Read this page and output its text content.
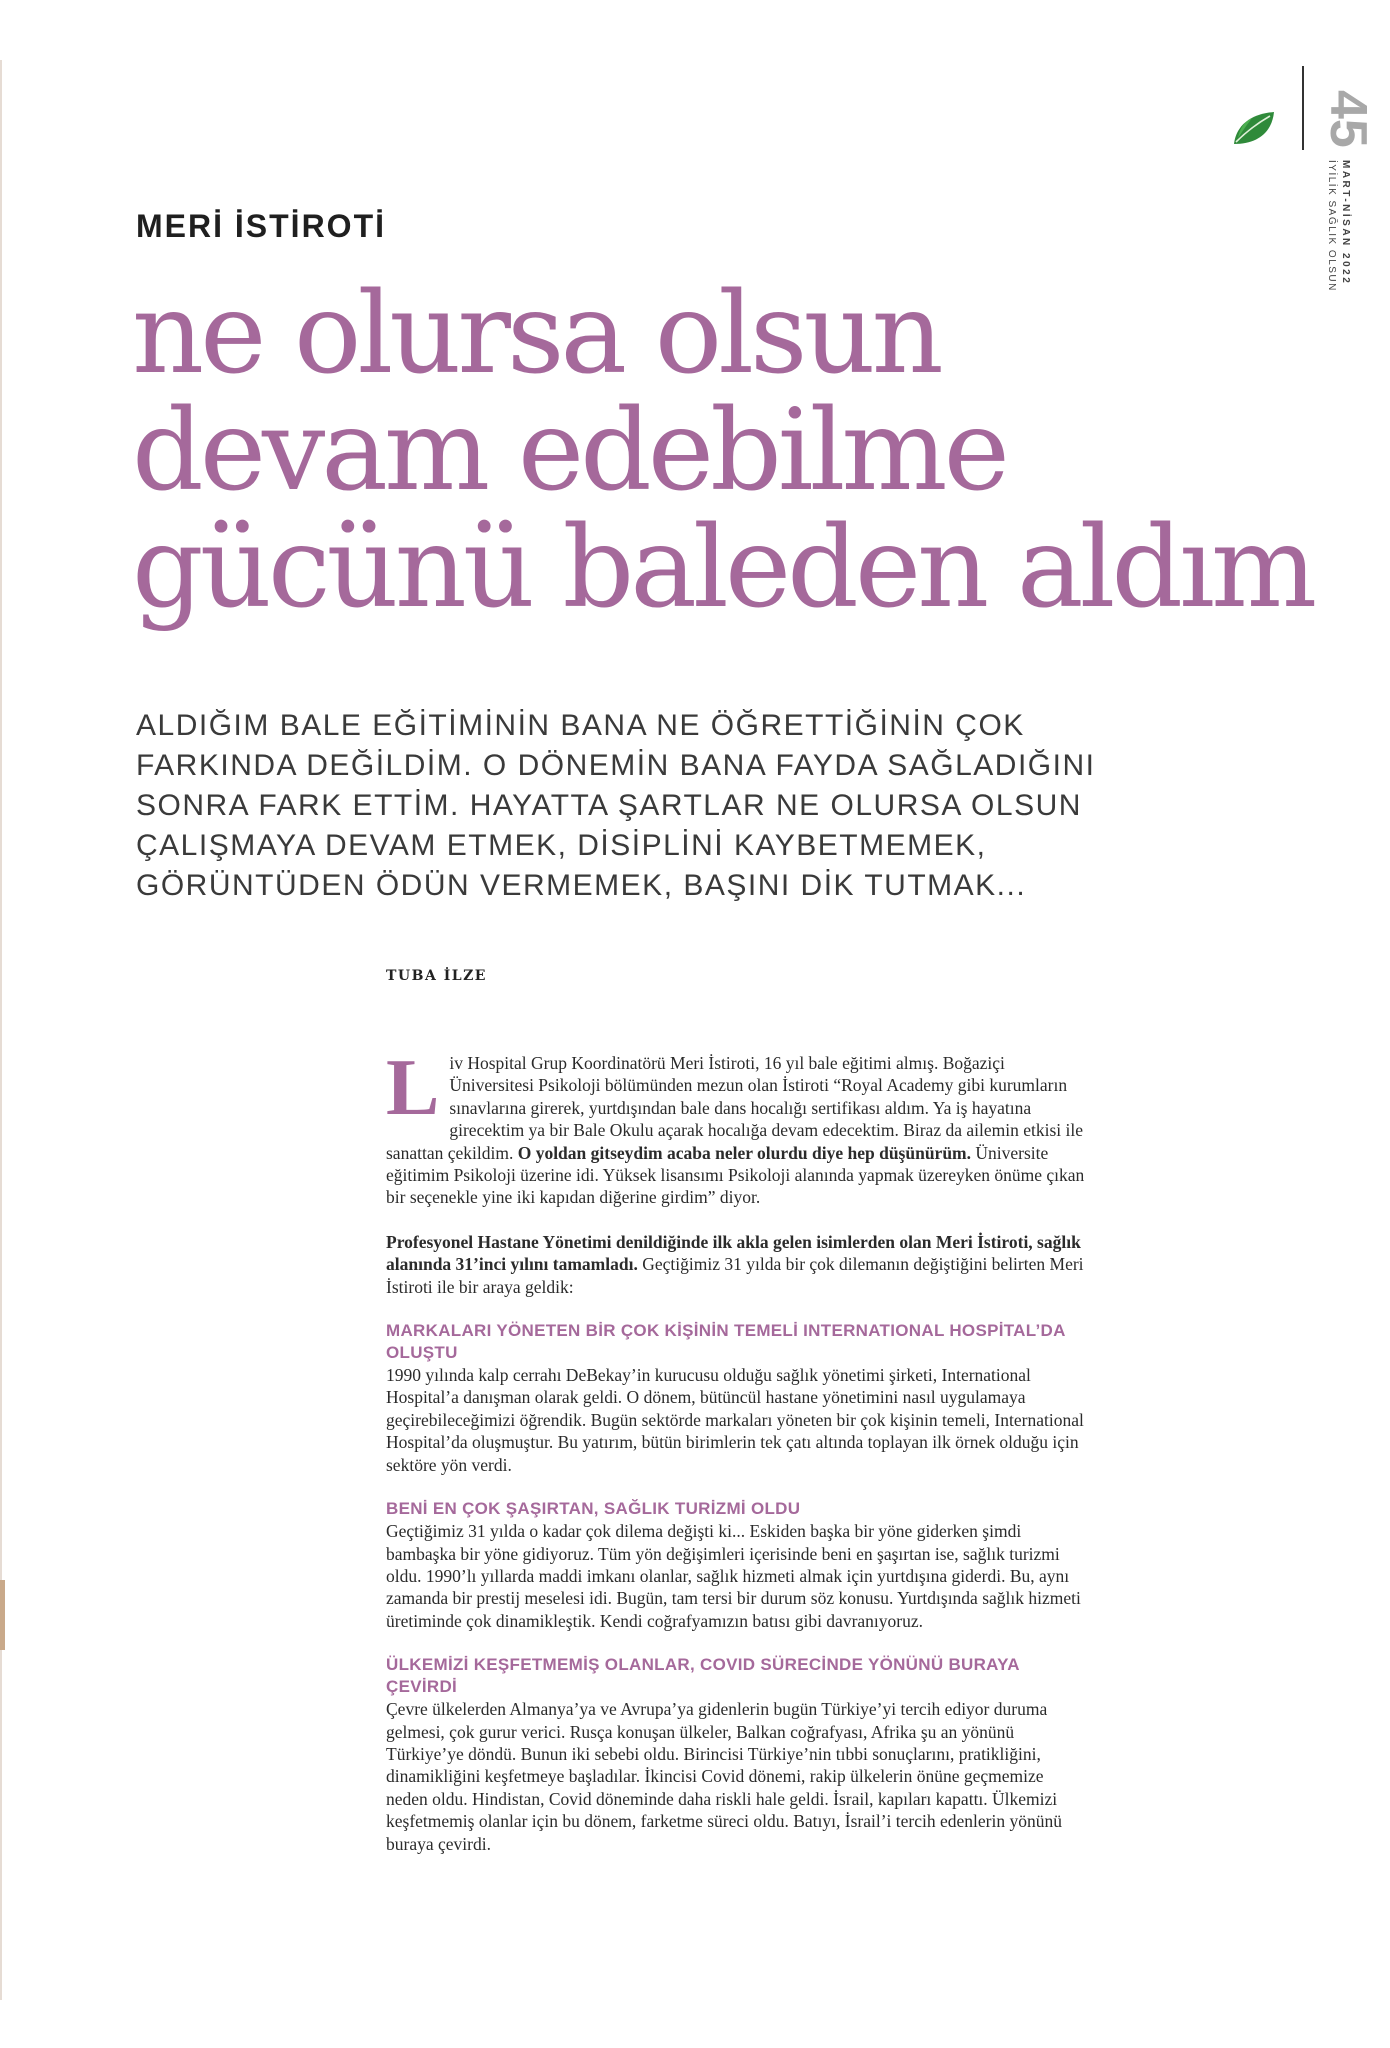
45
MART-NİSAN 2022
İYİLİK SAĞLIK OLSUN
MERİ İSTİROTİ
ne olursa olsun
devam edebilme
gücünü baleden aldım

ALDIĞIM BALE EĞİTİMİNİN BANA NE ÖĞRETTİĞİNİN ÇOK
FARKINDA DEĞİLDİM. O DÖNEMİN BANA FAYDA SAĞLADIĞINI
SONRA FARK ETTİM. HAYATTA ŞARTLAR NE OLURSA OLSUN
ÇALIŞMAYA DEVAM ETMEK, DİSİPLİNİ KAYBETMEMEK,
GÖRÜNTÜDEN ÖDÜN VERMEMEK, BAŞINI DİK TUTMAK...

TUBA İLZE

Liv Hospital Grup Koordinatörü Meri İstiroti, 16 yıl bale eğitimi almış. Boğaziçi Üniversitesi Psikoloji bölümünden mezun olan İstiroti “Royal Academy gibi kurumların sınavlarına girerek, yurtdışından bale dans hocalığı sertifikası aldım. Ya iş hayatına girecektim ya bir Bale Okulu açarak hocalığa devam edecektim. Biraz da ailemin etkisi ile sanattan çekildim. O yoldan gitseydim acaba neler olurdu diye hep düşünürüm. Üniversite eğitimim Psikoloji üzerine idi. Yüksek lisansımı Psikoloji alanında yapmak üzereyken önüme çıkan bir seçenekle yine iki kapıdan diğerine girdim” diyor.

Profesyonel Hastane Yönetimi denildiğinde ilk akla gelen isimlerden olan Meri İstiroti, sağlık alanında 31’inci yılını tamamladı. Geçtiğimiz 31 yılda bir çok dilemanın değiştiğini belirten Meri İstiroti ile bir araya geldik:

MARKALARI YÖNETEN BİR ÇOK KİŞİNİN TEMELİ INTERNATIONAL HOSPİTAL’DA OLUŞTU

1990 yılında kalp cerrahı DeBekay’in kurucusu olduğu sağlık yönetimi şirketi, International Hospital’a danışman olarak geldi. O dönem, bütüncül hastane yönetimini nasıl uygulamaya geçirebileceğimizi öğrendik. Bugün sektörde markaları yöneten bir çok kişinin temeli, International Hospital’da oluşmuştur. Bu yatırım, bütün birimlerin tek çatı altında toplayan ilk örnek olduğu için sektöre yön verdi.

BENİ EN ÇOK ŞAŞIRTAN, SAĞLIK TURİZMİ OLDU

Geçtiğimiz 31 yılda o kadar çok dilema değişti ki... Eskiden başka bir yöne giderken şimdi bambaşka bir yöne gidiyoruz. Tüm yön değişimleri içerisinde beni en şaşırtan ise, sağlık turizmi oldu. 1990’lı yıllarda maddi imkanı olanlar, sağlık hizmeti almak için yurtdışına giderdi. Bu, aynı zamanda bir prestij meselesi idi. Bugün, tam tersi bir durum söz konusu. Yurtdışında sağlık hizmeti üretiminde çok dinamikleştik. Kendi coğrafyamızın batısı gibi davranıyoruz.

ÜLKEMİZİ KEŞFETMEMİŞ OLANLAR, COVID SÜRECİNDE YÖNÜNÜ BURAYA ÇEVİRDİ

Çevre ülkelerden Almanya’ya ve Avrupa’ya gidenlerin bugün Türkiye’yi tercih ediyor duruma gelmesi, çok gurur verici. Rusça konuşan ülkeler, Balkan coğrafyası, Afrika şu an yönünü Türkiye’ye döndü. Bunun iki sebebi oldu. Birincisi Türkiye’nin tıbbi sonuçlarını, pratikliğini, dinamikliğini keşfetmeye başladılar. İkincisi Covid dönemi, rakip ülkelerin önüne geçmemize neden oldu. Hindistan, Covid döneminde daha riskli hale geldi. İsrail, kapıları kapattı. Ülkemizi keşfetmemiş olanlar için bu dönem, farketme süreci oldu. Batıyı, İsrail’i tercih edenlerin yönünü buraya çevirdi.
